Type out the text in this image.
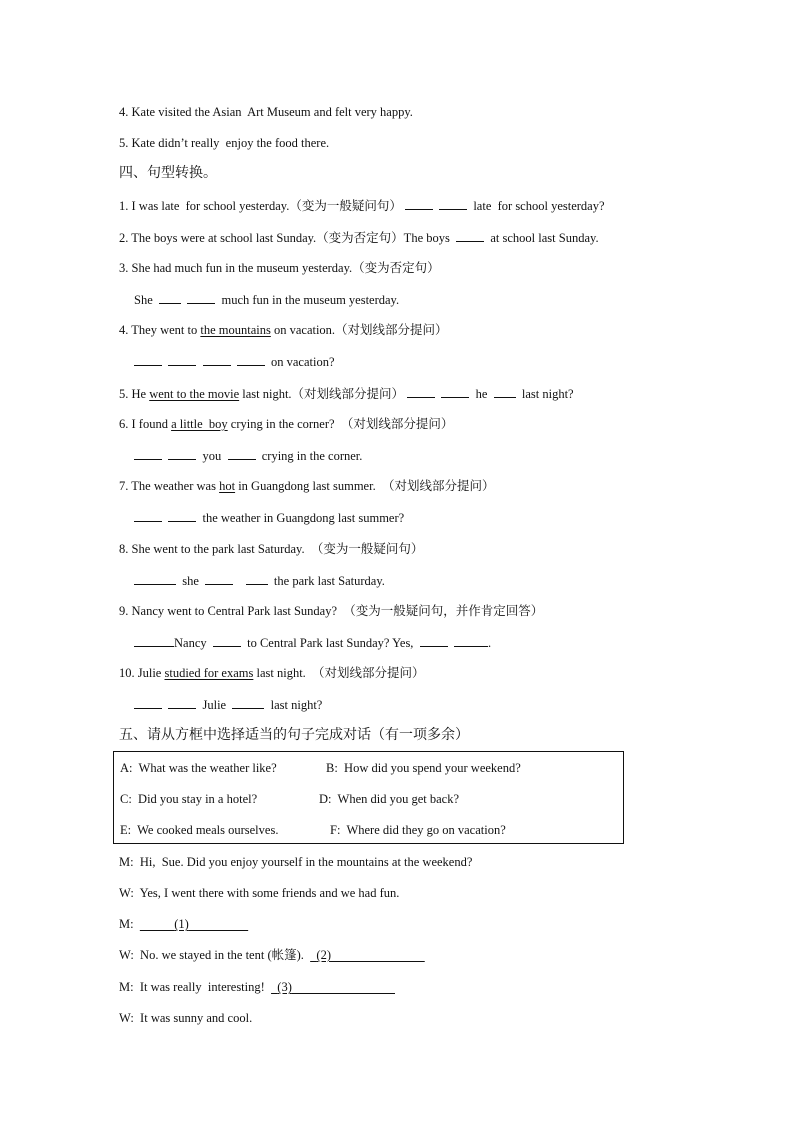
4. Kate visited the Asian  Art Museum and felt very happy.
5. Kate didn’t really  enjoy the food there.
四、句型转换。
1. I was late  for school yesterday.（变为一般疑问句）	late  for school yesterday?
2. The boys were at school last Sunday.（变为否定句）The boys	at school last Sunday.
3. She had much fun in the museum yesterday.（变为否定句）
She	much fun in the museum yesterday.
4. They went to the mountains on vacation.（对划线部分提问）
on vacation?
5. He went to the movie last night.（对划线部分提问）	he	last night?
6. I found a little  boy crying in the corner?  （对划线部分提问）
you	crying in the corner.
7. The weather was hot in Guangdong last summer.  （对划线部分提问）
the weather in Guangdong last summer?
8. She went to the park last Saturday.  （变为一般疑问句）
she	the park last Saturday.
9. Nancy went to Central Park last Sunday?  （变为一般疑问句，并作肯定回答）
Nancy	to Central Park last Sunday? Yes,	.
10. Julie studied for exams last night.  （对划线部分提问）
Julie	last night?
五、请从方框中选择适当的句子完成对话（有一项多余）
A:  What was the weather like?	B:  How did you spend your weekend?
C:  Did you stay in a hotel?	D:  When did you get back?
E:  We cooked meals ourselves.	F:  Where did they go on vacation?
M:  Hi,  Sue. Did you enjoy yourself in the mountains at the weekend?
W:  Yes, I went there with some friends and we had fun.
M:	(1)
W:  No. we stayed in the tent (帐篷). (2)
M:  It was really  interesting! (3)
W:  It was sunny and cool.
